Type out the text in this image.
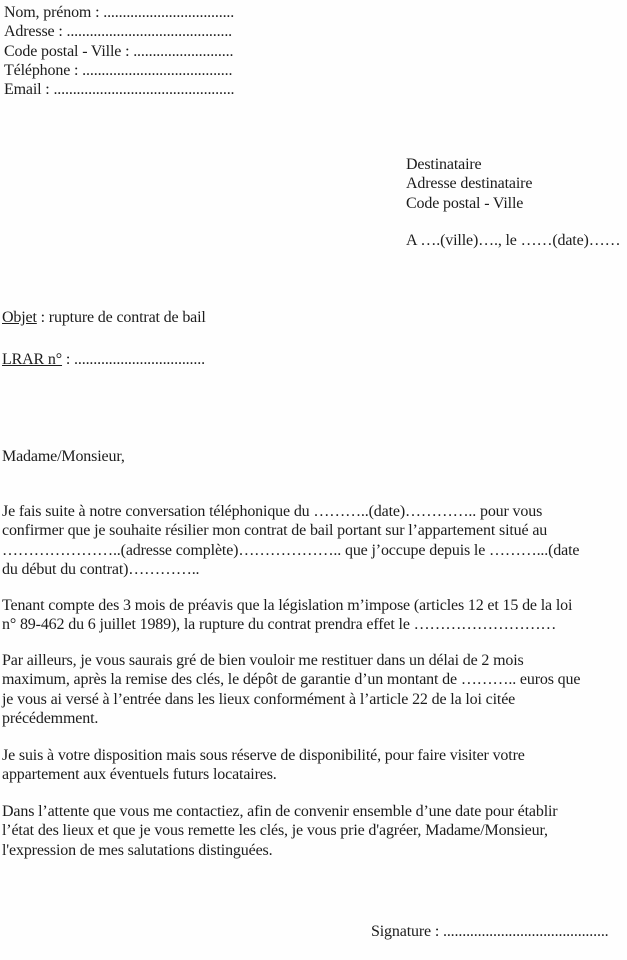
Nom, prénom : ..................................
Adresse : ...........................................
Code postal - Ville : ..........................
Téléphone : .......................................
Email : ...............................................
Destinataire
Adresse destinataire
Code postal - Ville
A ….(ville)…., le ……(date)……
Objet : rupture de contrat de bail
LRAR n° : ..................................
Madame/Monsieur,
Je fais suite à notre conversation téléphonique du ………..(date)………….. pour vous
confirmer que je souhaite résilier mon contrat de bail portant sur l’appartement situé au
…………………..(adresse complète)……………….. que j’occupe depuis le ………...(date
du début du contrat)…………..
Tenant compte des 3 mois de préavis que la législation m’impose (articles 12 et 15 de la loi
n° 89-462 du 6 juillet 1989), la rupture du contrat prendra effet le ………………………
Par ailleurs, je vous saurais gré de bien vouloir me restituer dans un délai de 2 mois
maximum, après la remise des clés, le dépôt de garantie d’un montant de ……….. euros que
je vous ai versé à l’entrée dans les lieux conformément à l’article 22 de la loi citée
précédemment.
Je suis à votre disposition mais sous réserve de disponibilité, pour faire visiter votre
appartement aux éventuels futurs locataires.
Dans l’attente que vous me contactiez, afin de convenir ensemble d’une date pour établir
l’état des lieux et que je vous remette les clés, je vous prie d'agréer, Madame/Monsieur,
l'expression de mes salutations distinguées.
Signature : ...........................................
